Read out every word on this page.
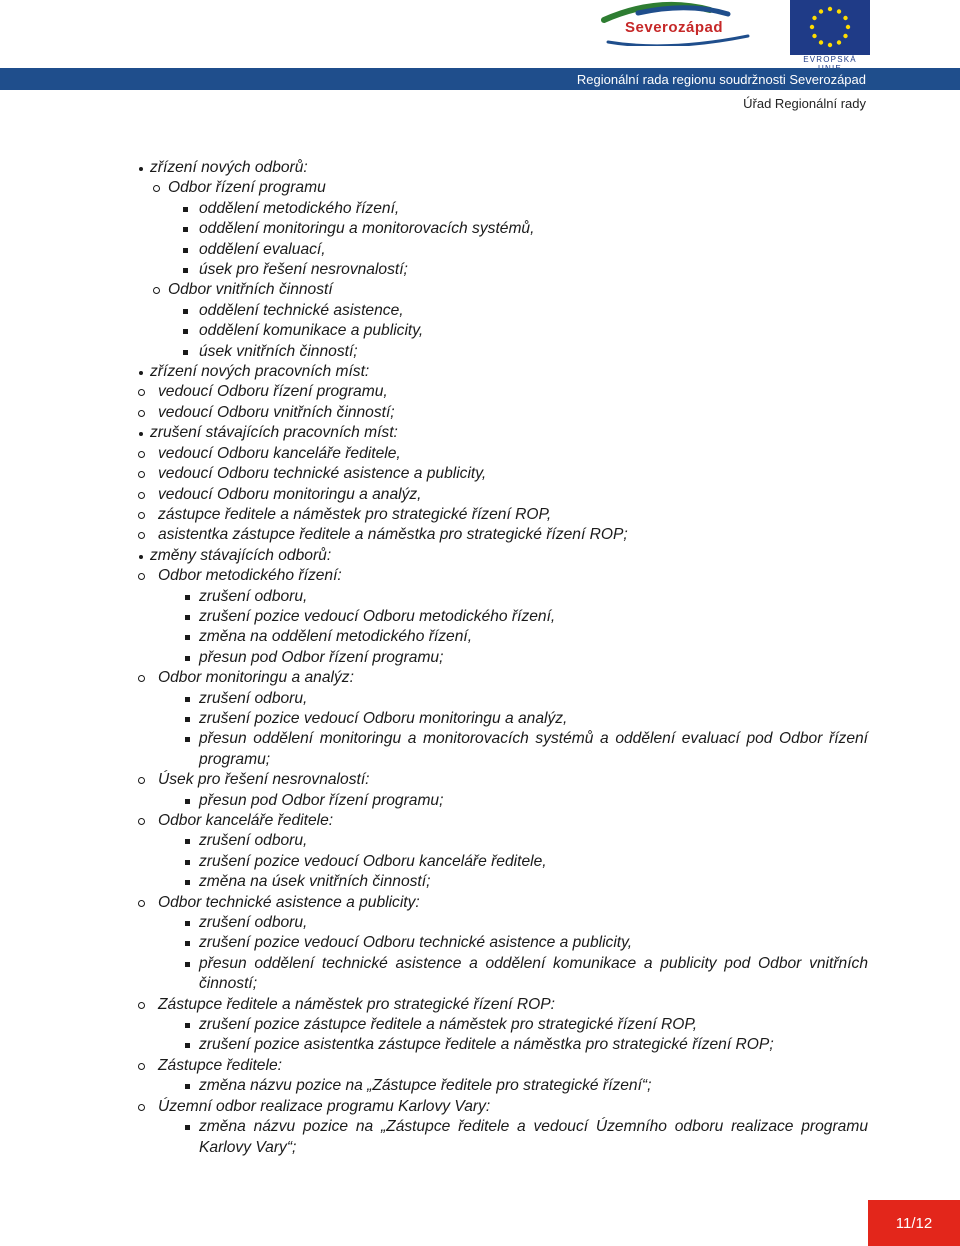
Severozápad
EVROPSKÁ
Regionální rada regionu soudržnosti Severozápad
Úřad Regionální rady
zřízení nových odborů:
Odbor řízení programu
oddělení metodického řízení,
oddělení monitoringu a monitorovacích systémů,
oddělení evaluací,
úsek pro řešení nesrovnalostí;
Odbor vnitřních činností
oddělení technické asistence,
oddělení komunikace a publicity,
úsek vnitřních činností;
zřízení nových pracovních míst:
vedoucí Odboru řízení programu,
vedoucí Odboru vnitřních činností;
zrušení stávajících pracovních míst:
vedoucí Odboru kanceláře ředitele,
vedoucí Odboru technické asistence a publicity,
vedoucí Odboru monitoringu a analýz,
zástupce ředitele a náměstek pro strategické řízení ROP,
asistentka zástupce ředitele a náměstka pro strategické řízení ROP;
změny stávajících odborů:
Odbor metodického řízení:
zrušení odboru,
zrušení pozice vedoucí Odboru metodického řízení,
změna na oddělení metodického řízení,
přesun pod Odbor řízení programu;
Odbor monitoringu a analýz:
zrušení odboru,
zrušení pozice vedoucí Odboru monitoringu a analýz,
přesun oddělení monitoringu a monitorovacích systémů a oddělení evaluací pod Odbor řízení programu;
Úsek pro řešení nesrovnalostí:
přesun pod Odbor řízení programu;
Odbor kanceláře ředitele:
zrušení odboru,
zrušení pozice vedoucí Odboru kanceláře ředitele,
změna na úsek vnitřních činností;
Odbor technické asistence a publicity:
zrušení odboru,
zrušení pozice vedoucí Odboru technické asistence a publicity,
přesun oddělení technické asistence a oddělení komunikace a publicity pod Odbor vnitřních činností;
Zástupce ředitele a náměstek pro strategické řízení ROP:
zrušení pozice zástupce ředitele a náměstek pro strategické řízení ROP,
zrušení pozice asistentka zástupce ředitele a náměstka pro strategické řízení ROP;
Zástupce ředitele:
změna názvu pozice na „Zástupce ředitele pro strategické řízení“;
Územní odbor realizace programu Karlovy Vary:
změna názvu pozice na „Zástupce ředitele a vedoucí Územního odboru realizace programu Karlovy Vary“;
11/12
